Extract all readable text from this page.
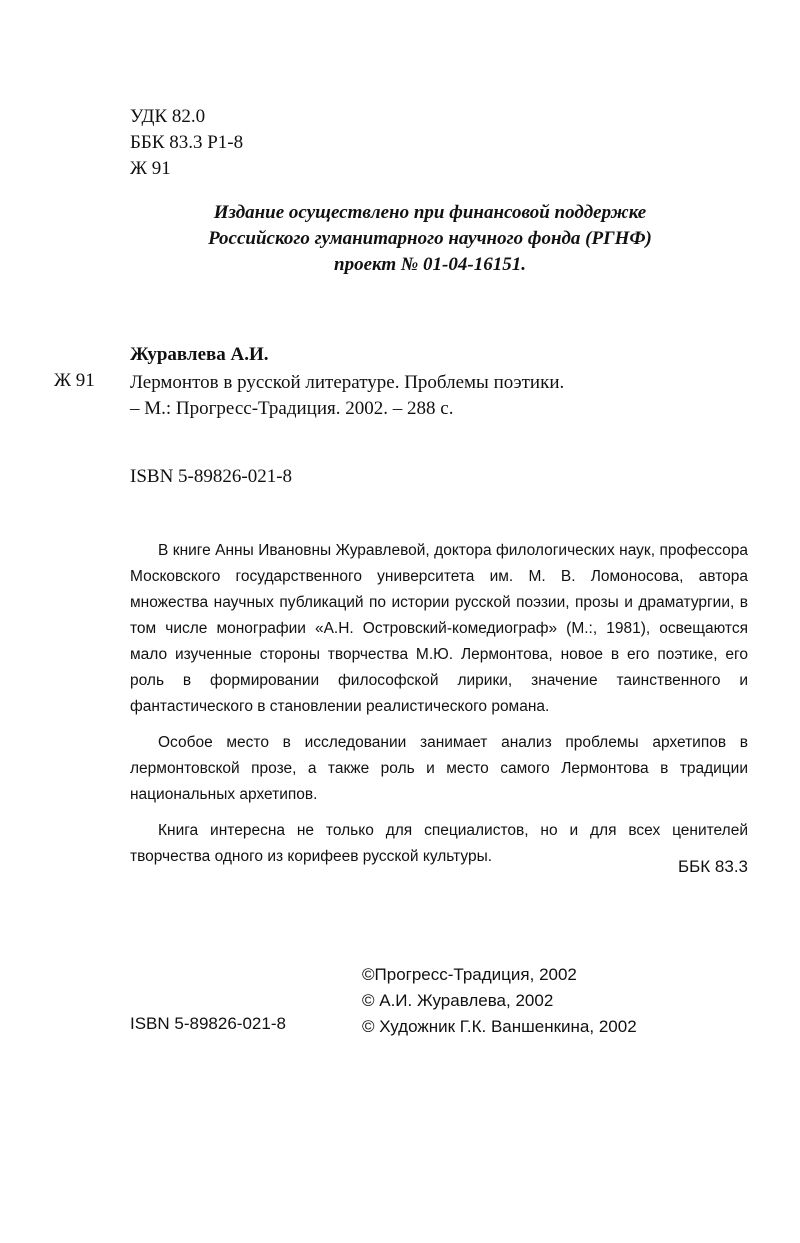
УДК 82.0
ББК 83.3 Р1-8
Ж 91
Издание осуществлено при финансовой поддержке
Российского гуманитарного научного фонда (РГНФ)
проект № 01-04-16151.
Журавлева А.И.
Ж 91 Лермонтов в русской литературе. Проблемы поэтики.
– М.: Прогресс-Традиция. 2002. – 288 с.
ISBN 5-89826-021-8

В книге Анны Ивановны Журавлевой, доктора филологических наук, профессора Московского государственного университета им. М. В. Ломоносова, автора множества научных публикаций по истории русской поэзии, прозы и драматургии, в том числе монографии «А.Н. Островский-комедиограф» (М.:, 1981), освещаются мало изученные стороны творчества М.Ю. Лермонтова, новое в его поэтике, его роль в формировании философской лирики, значение таинственного и фантастического в становлении реалистического романа.

Особое место в исследовании занимает анализ проблемы архетипов в лермонтовской прозе, а также роль и место самого Лермонтова в традиции национальных архетипов.

Книга интересна не только для специалистов, но и для всех ценителей творчества одного из корифеев русской культуры.

ББК 83.3
©Прогресс-Традиция, 2002
© А.И. Журавлева, 2002
© Художник Г.К. Ваншенкина, 2002
ISBN 5-89826-021-8
